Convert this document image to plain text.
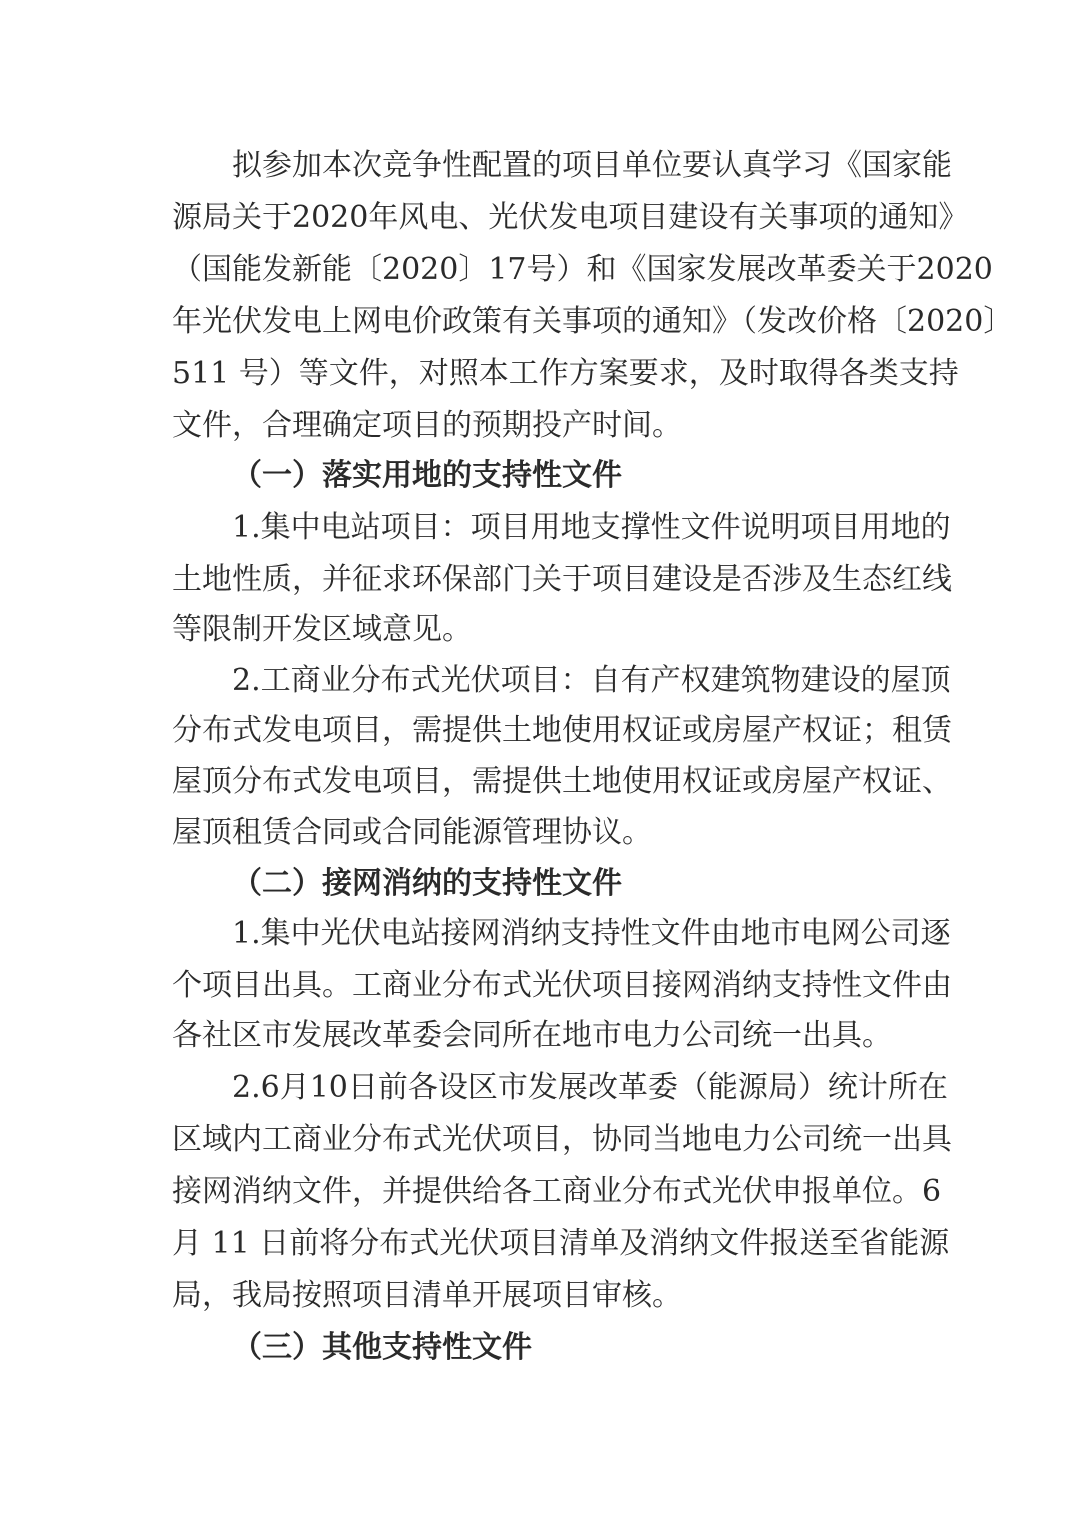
拟参加本次竞争性配置的项目单位要认真学习《国家能
源局关于2020年风电、光伏发电项目建设有关事项的通知》
（国能发新能〔2020〕17号）和《国家发展改革委关于2020
年光伏发电上网电价政策有关事项的通知》（发改价格〔2020〕
511 号）等文件，对照本工作方案要求，及时取得各类支持
文件，合理确定项目的预期投产时间。
（一）落实用地的支持性文件
1.集中电站项目：项目用地支撑性文件说明项目用地的
土地性质，并征求环保部门关于项目建设是否涉及生态红线
等限制开发区域意见。
2.工商业分布式光伏项目：自有产权建筑物建设的屋顶
分布式发电项目，需提供土地使用权证或房屋产权证；租赁
屋顶分布式发电项目，需提供土地使用权证或房屋产权证、
屋顶租赁合同或合同能源管理协议。
（二）接网消纳的支持性文件
1.集中光伏电站接网消纳支持性文件由地市电网公司逐
个项目出具。工商业分布式光伏项目接网消纳支持性文件由
各社区市发展改革委会同所在地市电力公司统一出具。
2.6月10日前各设区市发展改革委（能源局）统计所在
区域内工商业分布式光伏项目，协同当地电力公司统一出具
接网消纳文件，并提供给各工商业分布式光伏申报单位。6
月 11 日前将分布式光伏项目清单及消纳文件报送至省能源
局，我局按照项目清单开展项目审核。
（三）其他支持性文件
